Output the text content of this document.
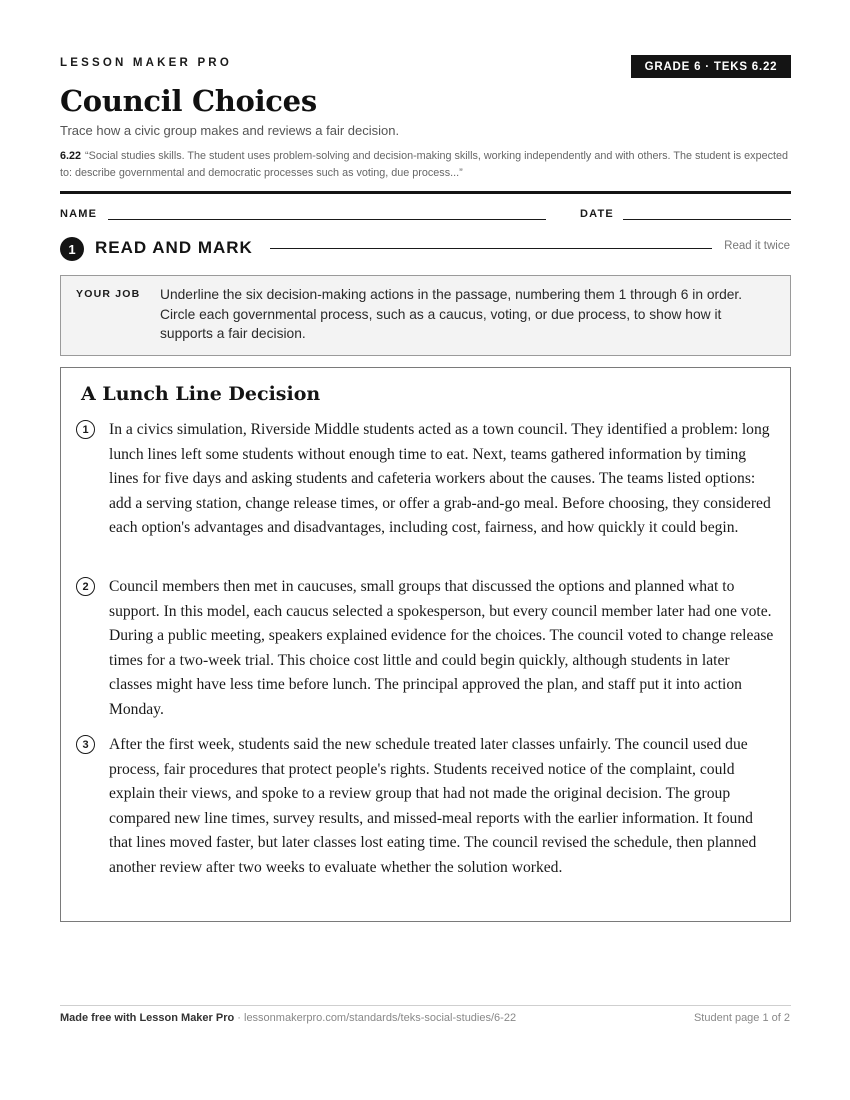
LESSON MAKER PRO	GRADE 6 · TEKS 6.22
Council Choices
Trace how a civic group makes and reviews a fair decision.
6.22 “Social studies skills. The student uses problem-solving and decision-making skills, working independently and with others. The student is expected to: describe governmental and democratic processes such as voting, due process...”
NAME	DATE
1	READ AND MARK	Read it twice
YOUR JOB Underline the six decision-making actions in the passage, numbering them 1 through 6 in order. Circle each governmental process, such as a caucus, voting, or due process, to show how it supports a fair decision.
A Lunch Line Decision
1	In a civics simulation, Riverside Middle students acted as a town council. They identified a problem: long lunch lines left some students without enough time to eat. Next, teams gathered information by timing lines for five days and asking students and cafeteria workers about the causes. The teams listed options: add a serving station, change release times, or offer a grab-and-go meal. Before choosing, they considered each option's advantages and disadvantages, including cost, fairness, and how quickly it could begin.

2	Council members then met in caucuses, small groups that discussed the options and planned what to support. In this model, each caucus selected a spokesperson, but every council member later had one vote. During a public meeting, speakers explained evidence for the choices. The council voted to change release times for a two-week trial. This choice cost little and could begin quickly, although students in later classes might have less time before lunch. The principal approved the plan, and staff put it into action Monday.

3	After the first week, students said the new schedule treated later classes unfairly. The council used due process, fair procedures that protect people's rights. Students received notice of the complaint, could explain their views, and spoke to a review group that had not made the original decision. The group compared new line times, survey results, and missed-meal reports with the earlier information. It found that lines moved faster, but later classes lost eating time. The council revised the schedule, then planned another review after two weeks to evaluate whether the solution worked.

Made free with Lesson Maker Pro · lessonmakerpro.com/standards/teks-social-studies/6-22	Student page 1 of 2
